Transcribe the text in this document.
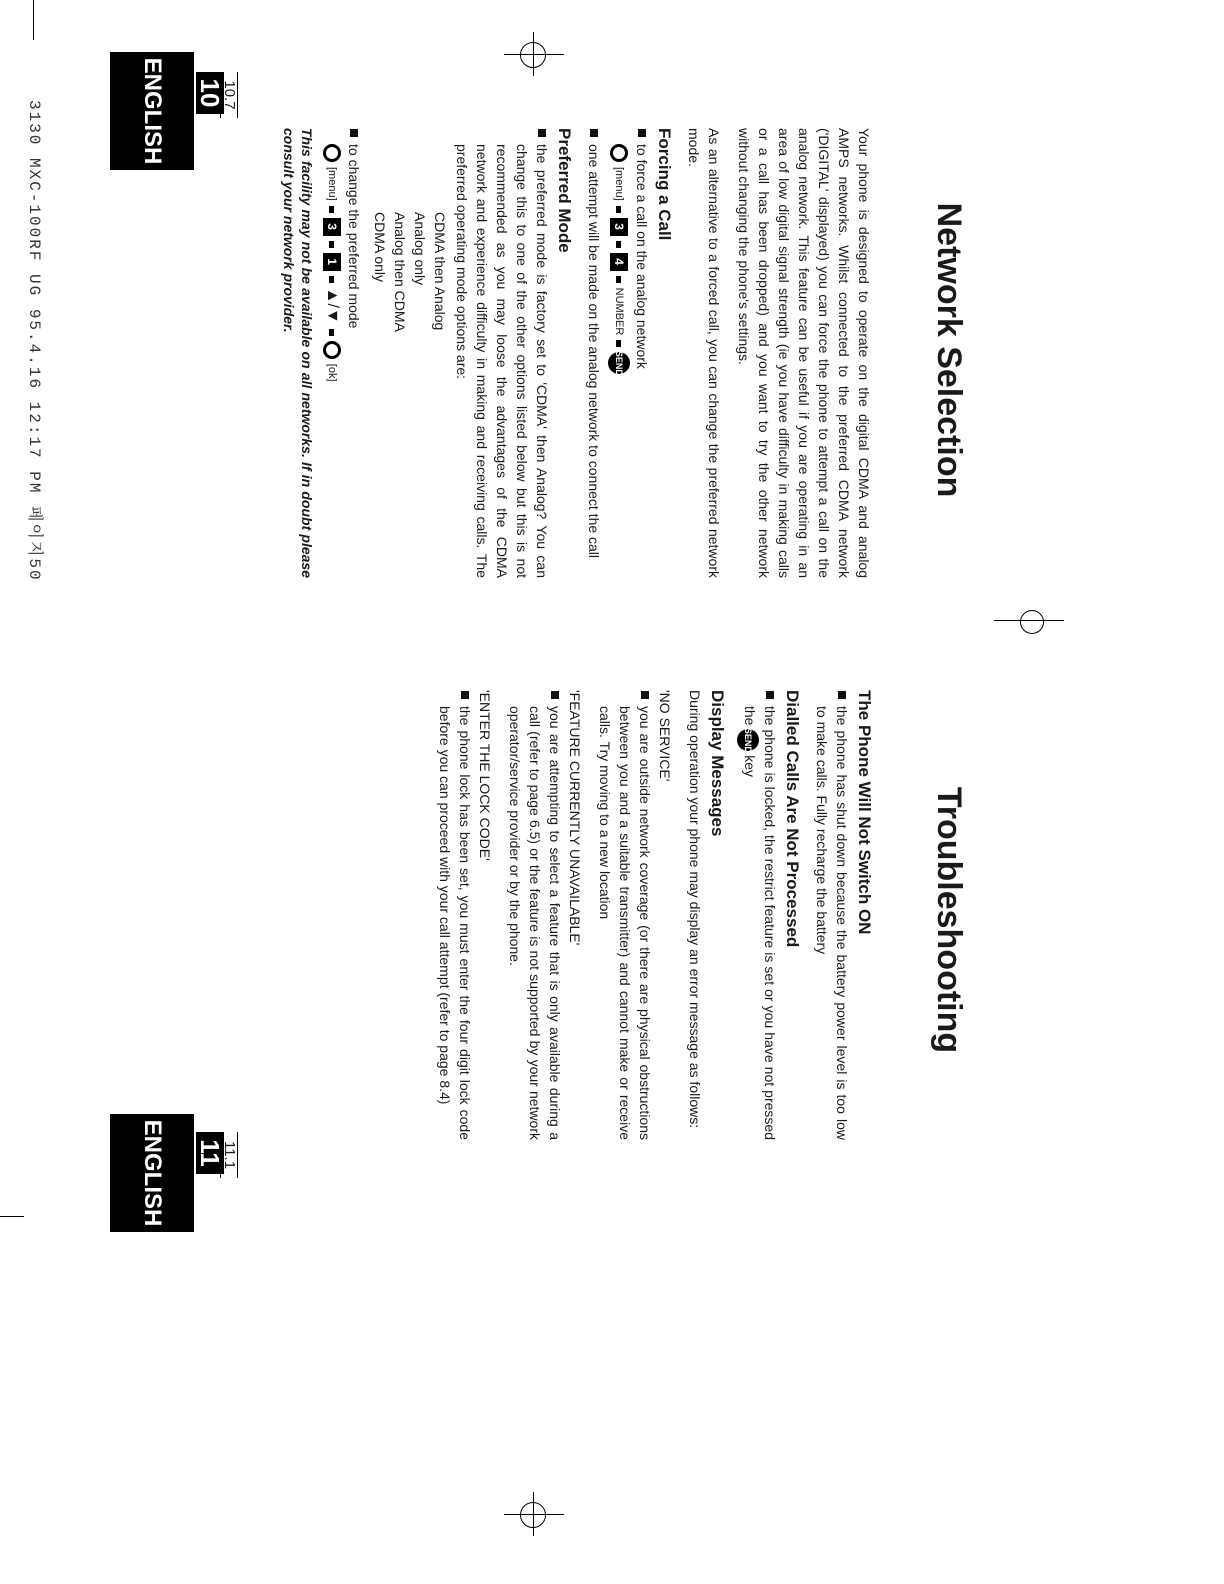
3130 MXC-100RF UG 95.4.16 12:17 PM 페이지50	ENGLISH	10
10.7
Network Selection

Your phone is designed to operate on the digital CDMA and analog AMPS networks. Whilst connected to the preferred CDMA network ('DIGITAL' displayed) you can force the phone to attempt a call on the analog network. This feature can be useful if you are operating in an area of low digital signal strength (ie you have difficulty in making calls or a call has been dropped) and you want to try the other network without changing the phone's settings.

As an alternative to a forced call, you can change the preferred network mode.

Forcing a Call
to force a call on the analog network
[menu]
3
4
NUMBER
SEND
one attempt will be made on the analog network to connect the call
Preferred Mode
the preferred mode is factory set to 'CDMA' then Analog? You can change this to one of the other options listed below but this is not recommended as you may loose the advantages of the CDMA network and experience difficulty in making and receiving calls. The preferred operating mode options are:
CDMA then Analog
Analog only
Analog then CDMA
CDMA only
to change the preferred mode
[menu]
3
1
▲/▼
[ok]
This facility may not be available on all networks. If in doubt please consult your network provider.
ENGLISH	11
11.1
Troubleshooting
The Phone Will Not Switch ON
the phone has shut down because the battery power level is too low to make calls. Fully recharge the battery
Dialled Calls Are Not Processed
the phone is locked, the restrict feature is set or you have not pressed the SEND key
Display Messages

During operation your phone may display an error message as follows:

'NO SERVICE'
you are outside network coverage (or there are physical obstructions between you and a suitable transmitter) and cannot make or receive calls. Try moving to a new location
'FEATURE CURRENTLY UNAVAILABLE'
you are attempting to select a feature that is only available during a call (refer to page 6.5) or the feature is not supported by your network operator/service provider or by the phone.
'ENTER THE LOCK CODE'
the phone lock has been set, you must enter the four digit lock code before you can proceed with your call attempt (refer to page 8.4)
